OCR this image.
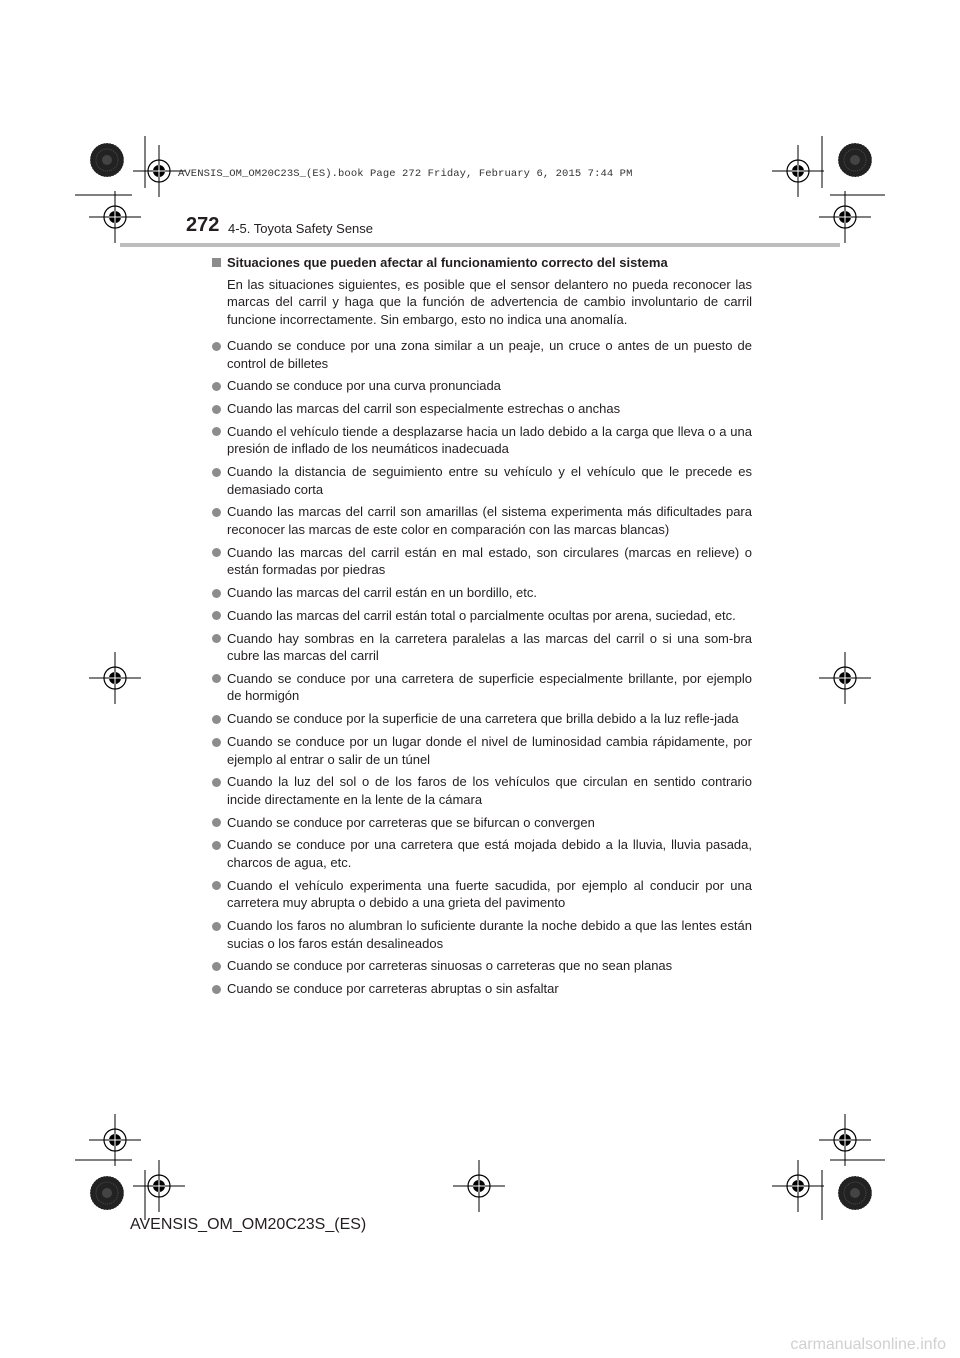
AVENSIS_OM_OM20C23S_(ES).book Page 272 Friday, February 6, 2015 7:44 PM
272 4-5. Toyota Safety Sense
Situaciones que pueden afectar al funcionamiento correcto del sistema
En las situaciones siguientes, es posible que el sensor delantero no pueda reconocer las marcas del carril y haga que la función de advertencia de cambio involuntario de carril funcione incorrectamente. Sin embargo, esto no indica una anomalía.
Cuando se conduce por una zona similar a un peaje, un cruce o antes de un puesto de control de billetes
Cuando se conduce por una curva pronunciada
Cuando las marcas del carril son especialmente estrechas o anchas
Cuando el vehículo tiende a desplazarse hacia un lado debido a la carga que lleva o a una presión de inflado de los neumáticos inadecuada
Cuando la distancia de seguimiento entre su vehículo y el vehículo que le precede es demasiado corta
Cuando las marcas del carril son amarillas (el sistema experimenta más dificultades para reconocer las marcas de este color en comparación con las marcas blancas)
Cuando las marcas del carril están en mal estado, son circulares (marcas en relieve) o están formadas por piedras
Cuando las marcas del carril están en un bordillo, etc.
Cuando las marcas del carril están total o parcialmente ocultas por arena, suciedad, etc.
Cuando hay sombras en la carretera paralelas a las marcas del carril o si una som-bra cubre las marcas del carril
Cuando se conduce por una carretera de superficie especialmente brillante, por ejemplo de hormigón
Cuando se conduce por la superficie de una carretera que brilla debido a la luz refle-jada
Cuando se conduce por un lugar donde el nivel de luminosidad cambia rápidamente, por ejemplo al entrar o salir de un túnel
Cuando la luz del sol o de los faros de los vehículos que circulan en sentido contrario incide directamente en la lente de la cámara
Cuando se conduce por carreteras que se bifurcan o convergen
Cuando se conduce por una carretera que está mojada debido a la lluvia, lluvia pasada, charcos de agua, etc.
Cuando el vehículo experimenta una fuerte sacudida, por ejemplo al conducir por una carretera muy abrupta o debido a una grieta del pavimento
Cuando los faros no alumbran lo suficiente durante la noche debido a que las lentes están sucias o los faros están desalineados
Cuando se conduce por carreteras sinuosas o carreteras que no sean planas
Cuando se conduce por carreteras abruptas o sin asfaltar
AVENSIS_OM_OM20C23S_(ES)
carmanualsonline.info
